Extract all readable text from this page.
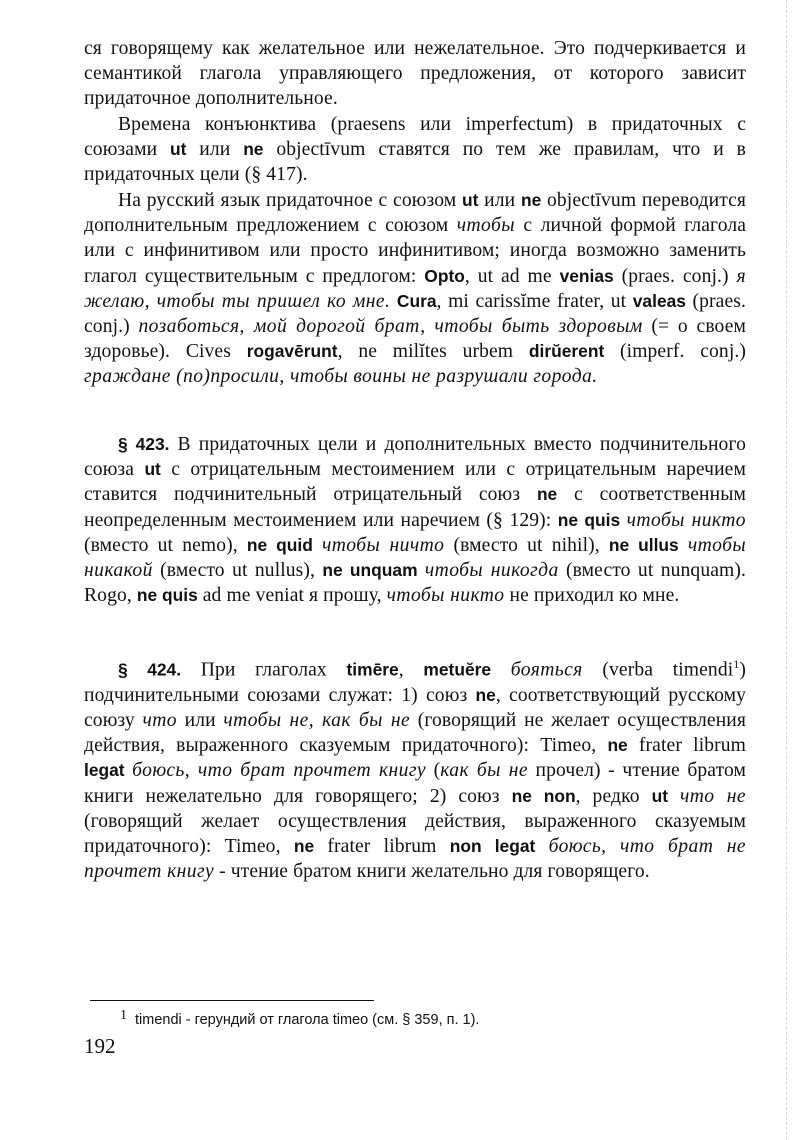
ся говорящему как желательное или нежелательное. Это подчеркивается и семантикой глагола управляющего предложения, от которого зависит придаточное дополнительное.

Времена конъюнктива (praesens или imperfectum) в придаточных с союзами ut или ne objectīvum ставятся по тем же правилам, что и в придаточных цели (§ 417).

На русский язык придаточное с союзом ut или ne objectīvum переводится дополнительным предложением с союзом чтобы с личной формой глагола или с инфинитивом или просто инфинитивом; иногда возможно заменить глагол существительным с предлогом: Opto, ut ad me venias (praes. conj.) я желаю, чтобы ты пришел ко мне. Cura, mi carissĭme frater, ut valeas (praes. conj.) позаботься, мой дорогой брат, чтобы быть здоровым (= о своем здоровье). Cives rogavērunt, ne milĭtes urbem dirŭerent (imperf. conj.) граждане (по)просили, чтобы воины не разрушали города.

§ 423. В придаточных цели и дополнительных вместо подчинительного союза ut с отрицательным местоимением или с отрицательным наречием ставится подчинительный отрицательный союз ne с соответственным неопределенным местоимением или наречием (§ 129): ne quis чтобы никто (вместо ut nemo), ne quid чтобы ничто (вместо ut nihil), ne ullus чтобы никакой (вместо ut nullus), ne unquam чтобы никогда (вместо ut nunquam). Rogo, ne quis ad me veniat я прошу, чтобы никто не приходил ко мне.

§ 424. При глаголах timēre, metuĕre бояться (verba timendi$^1$) подчинительными союзами служат: 1) союз ne, соответствующий русскому союзу что или чтобы не, как бы не (говорящий не желает осуществления действия, выраженного сказуемым придаточного): Timeo, ne frater librum legat боюсь, что брат прочтет книгу (как бы не прочел) - чтение братом книги нежелательно для говорящего; 2) союз ne non, редко ut что не (говорящий желает осуществления действия, выраженного сказуемым придаточного): Timeo, ne frater librum non legat боюсь, что брат не прочтет книгу - чтение братом книги желательно для говорящего.

$^1$ timendi - герундий от глагола timeo (см. § 359, п. 1).
192
